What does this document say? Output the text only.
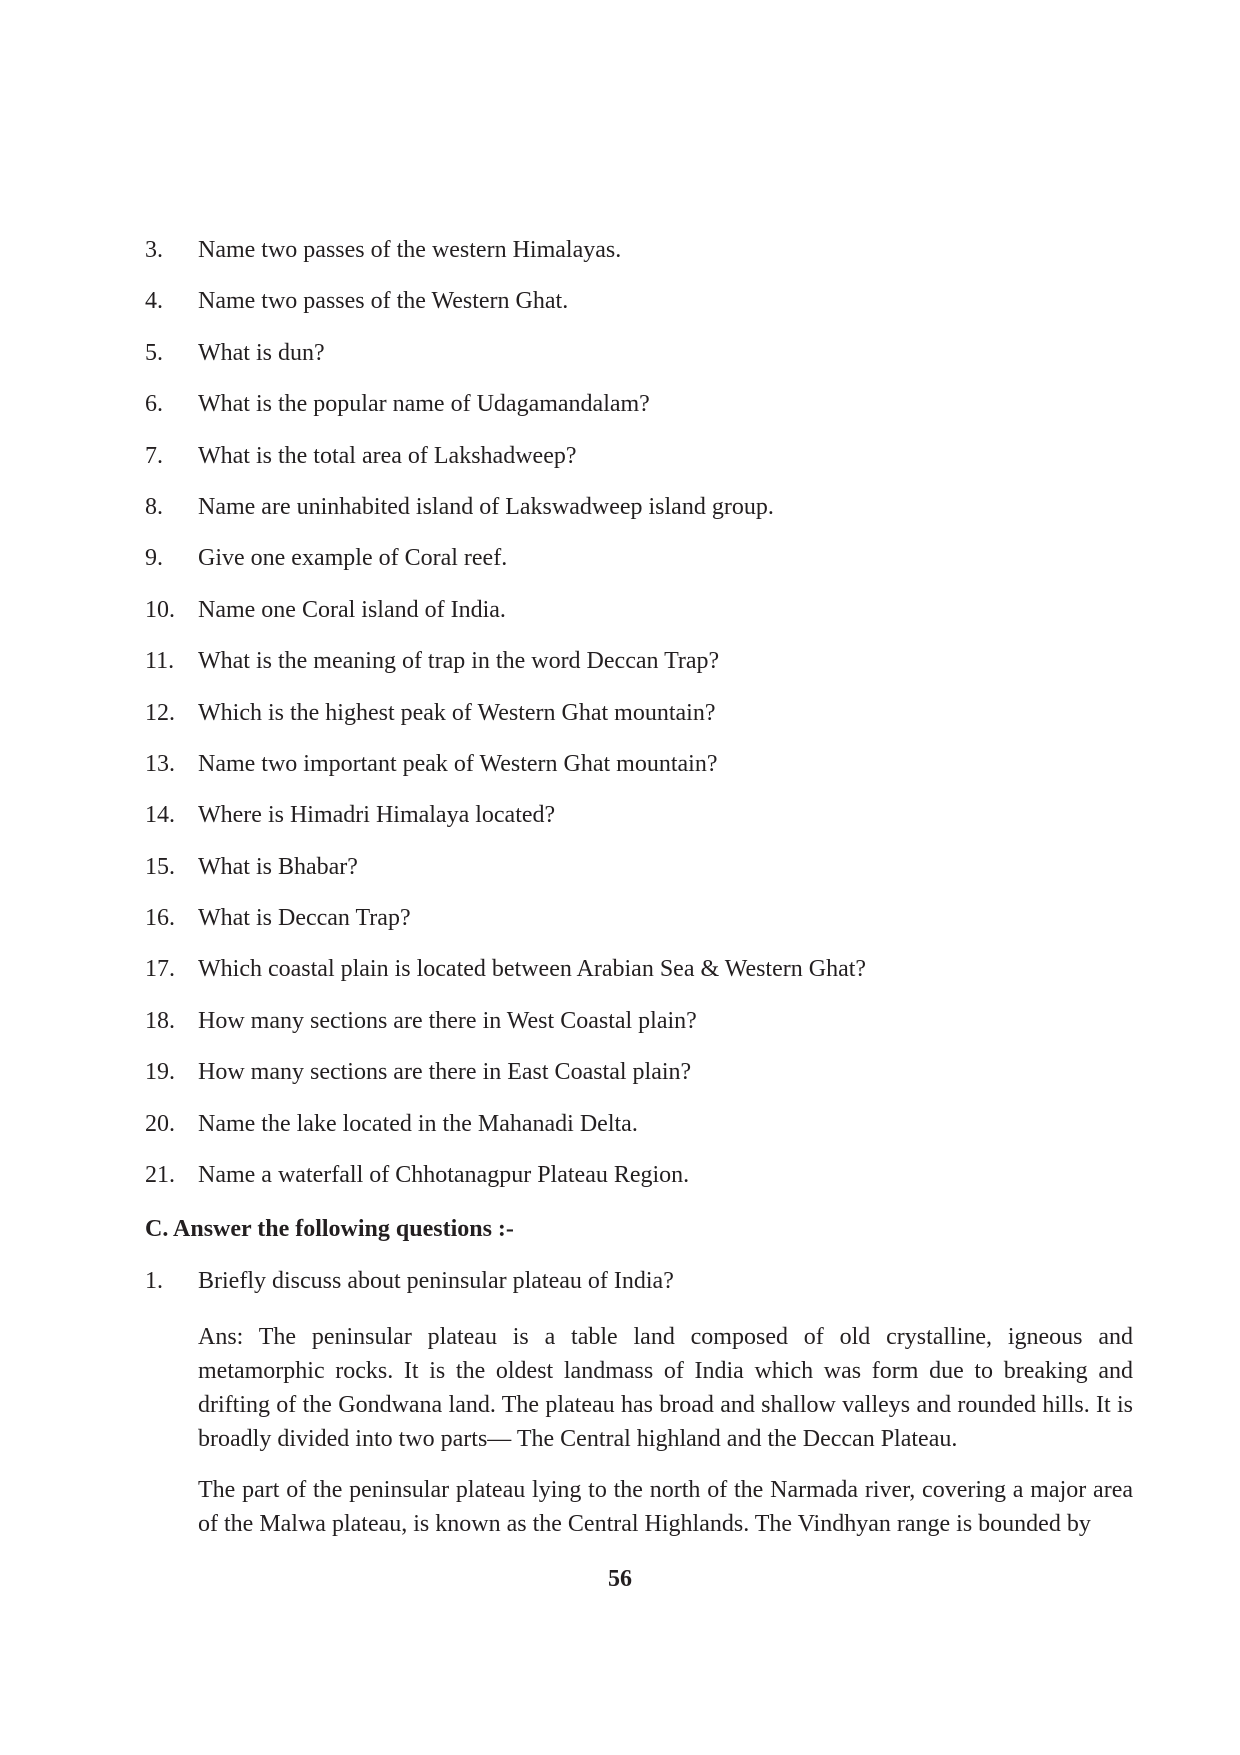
3.	Name two passes of the western Himalayas.
4.	Name two passes of the Western Ghat.
5.	What is dun?
6.	What is the popular name of Udagamandalam?
7.	What is the total area of Lakshadweep?
8.	Name are uninhabited island of Lakswadweep island group.
9.	Give one example of Coral reef.
10. Name one Coral island of India.
11. What is the meaning of trap in the word Deccan Trap?
12. Which is the highest peak of Western Ghat mountain?
13. Name two important peak of Western Ghat mountain?
14. Where is Himadri Himalaya located?
15. What is Bhabar?
16. What is Deccan Trap?
17. Which coastal plain is located between Arabian Sea & Western Ghat?
18. How many sections are there in West Coastal plain?
19. How many sections are there in East Coastal plain?
20. Name the lake located in the Mahanadi Delta.
21. Name a waterfall of Chhotanagpur Plateau Region.
C. Answer the following questions :-
1.	Briefly discuss about peninsular plateau of India?

Ans: The peninsular plateau is a table land composed of old crystalline, igneous and metamorphic rocks. It is the oldest landmass of India which was form due to breaking and drifting of the Gondwana land. The plateau has broad and shallow valleys and rounded hills. It is broadly divided into two parts— The Central highland and the Deccan Plateau.

The part of the peninsular plateau lying to the north of the Narmada river, covering a major area of the Malwa plateau, is known as the Central Highlands. The Vindhyan range is bounded by

56
